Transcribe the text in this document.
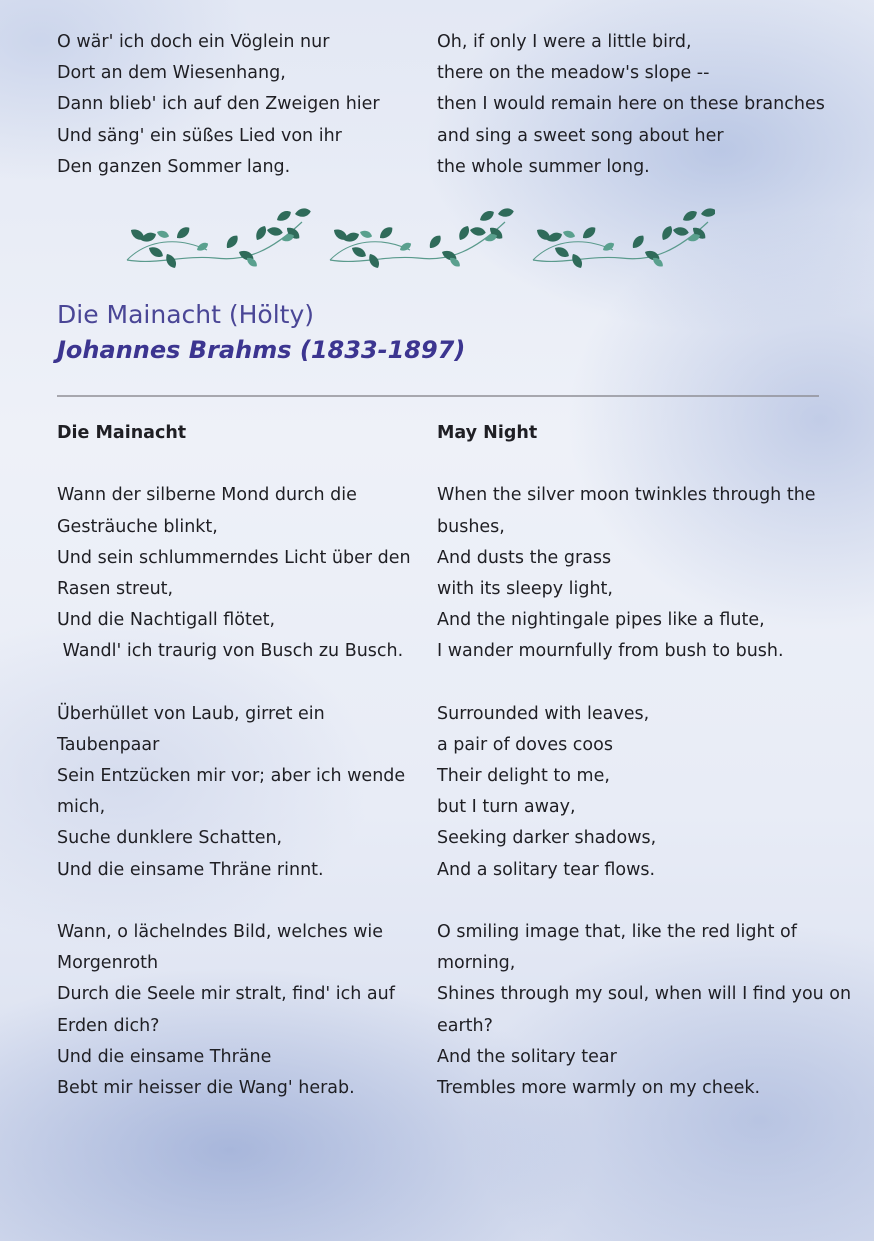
O wär' ich doch ein Vöglein nur
Dort an dem Wiesenhang,
Dann blieb' ich auf den Zweigen hier
Und säng' ein süßes Lied von ihr
Den ganzen Sommer lang.
Oh, if only I were a little bird,
there on the meadow's slope --
then I would remain here on these branches
and sing a sweet song about her
the whole summer long.
Die Mainacht (Hölty)
Johannes Brahms (1833-1897)
Die Mainacht
Wann der silberne Mond durch die
Gesträuche blinkt,
Und sein schlummerndes Licht über den
Rasen streut,
Und die Nachtigall flötet,
Wandl' ich traurig von Busch zu Busch.
Überhüllet von Laub, girret ein
Taubenpaar
Sein Entzücken mir vor; aber ich wende
mich,
Suche dunklere Schatten,
Und die einsame Thräne rinnt.
Wann, o lächelndes Bild, welches wie
Morgenroth
Durch die Seele mir stralt, find' ich auf
Erden dich?
Und die einsame Thräne
Bebt mir heisser die Wang' herab.
May Night
When the silver moon twinkles through the
bushes,
And dusts the grass
with its sleepy light,
And the nightingale pipes like a flute,
I wander mournfully from bush to bush.
Surrounded with leaves,
a pair of doves coos
Their delight to me,
but I turn away,
Seeking darker shadows,
And a solitary tear flows.
O smiling image that, like the red light of
morning,
Shines through my soul, when will I find you on
earth?
And the solitary tear
Trembles more warmly on my cheek.
